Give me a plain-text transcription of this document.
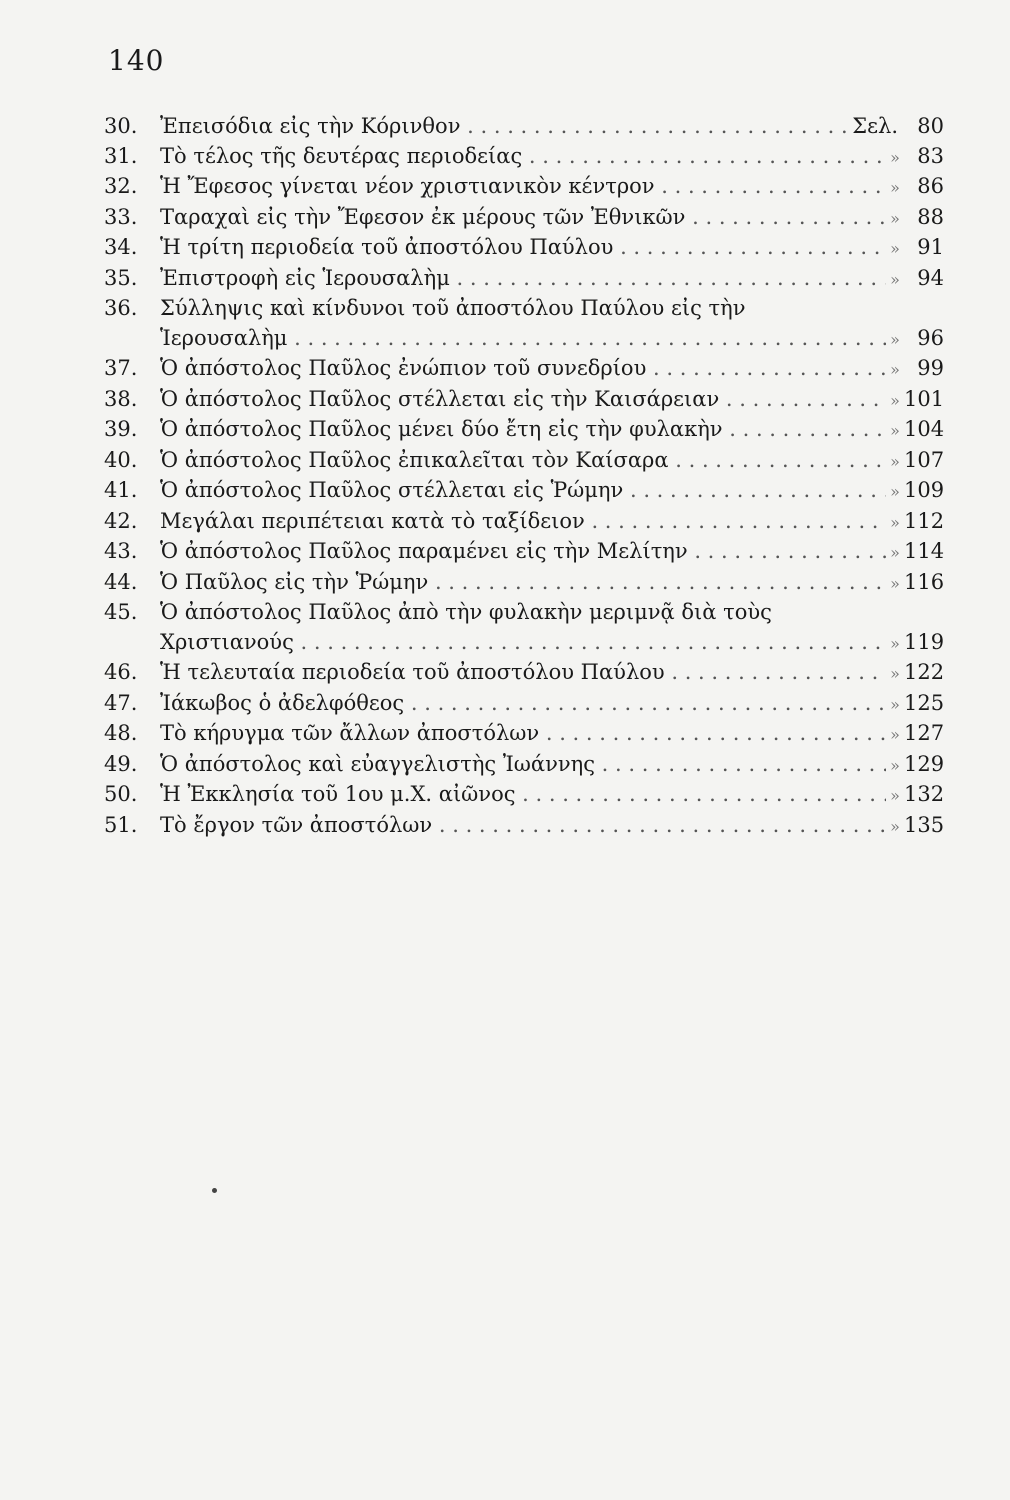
140
30.	Ἐπεισόδια εἰς τὴν Κόρινθον . . .	Σελ. 80
31.	Τὸ τέλος τῆς δευτέρας περιοδείας . . .	» 83
32.	Ἡ Ἔφεσος γίνεται νέον χριστιανικὸν κέντρον . . .	» 86
33.	Ταραχαὶ εἰς τὴν Ἔφεσον ἐκ μέρους τῶν Ἐθνικῶν . . .	» 88
34.	Ἡ τρίτη περιοδεία τοῦ ἀποστόλου Παύλου . . .	» 91
35.	Ἐπιστροφὴ εἰς Ἱερουσαλὴμ . . .	» 94
36.	Σύλληψις καὶ κίνδυνοι τοῦ ἀποστόλου Παύλου εἰς τὴν
Ἱερουσαλὴμ . . .	» 96
37.	Ὁ ἀπόστολος Παῦλος ἐνώπιον τοῦ συνεδρίου . . .	» 99
38.	Ὁ ἀπόστολος Παῦλος στέλλεται εἰς τὴν Καισάρειαν . . .	» 101
39.	Ὁ ἀπόστολος Παῦλος μένει δύο ἔτη εἰς τὴν φυλακὴν . . .	» 104
40.	Ὁ ἀπόστολος Παῦλος ἐπικαλεῖται τὸν Καίσαρα . . .	» 107
41.	Ὁ ἀπόστολος Παῦλος στέλλεται εἰς Ῥώμην . . .	» 109
42.	Μεγάλαι περιπέτειαι κατὰ τὸ ταξίδειον . . .	» 112
43.	Ὁ ἀπόστολος Παῦλος παραμένει εἰς τὴν Μελίτην . . .	» 114
44.	Ὁ Παῦλος εἰς τὴν Ῥώμην . . .	» 116
45.	Ὁ ἀπόστολος Παῦλος ἀπὸ τὴν φυλακὴν μεριμνᾷ διὰ τοὺς
Χριστιανούς . . .	» 119
46.	Ἡ τελευταία περιοδεία τοῦ ἀποστόλου Παύλου . . .	» 122
47.	Ἰάκωβος ὁ ἀδελφόθεος . . .	» 125
48.	Τὸ κήρυγμα τῶν ἄλλων ἀποστόλων . . .	» 127
49.	Ὁ ἀπόστολος καὶ εὐαγγελιστὴς Ἰωάννης . . .	» 129
50.	Ἡ Ἐκκλησία τοῦ 1ου μ.Χ. αἰῶνος . . .	» 132
51.	Τὸ ἔργον τῶν ἀποστόλων . . .	» 135
